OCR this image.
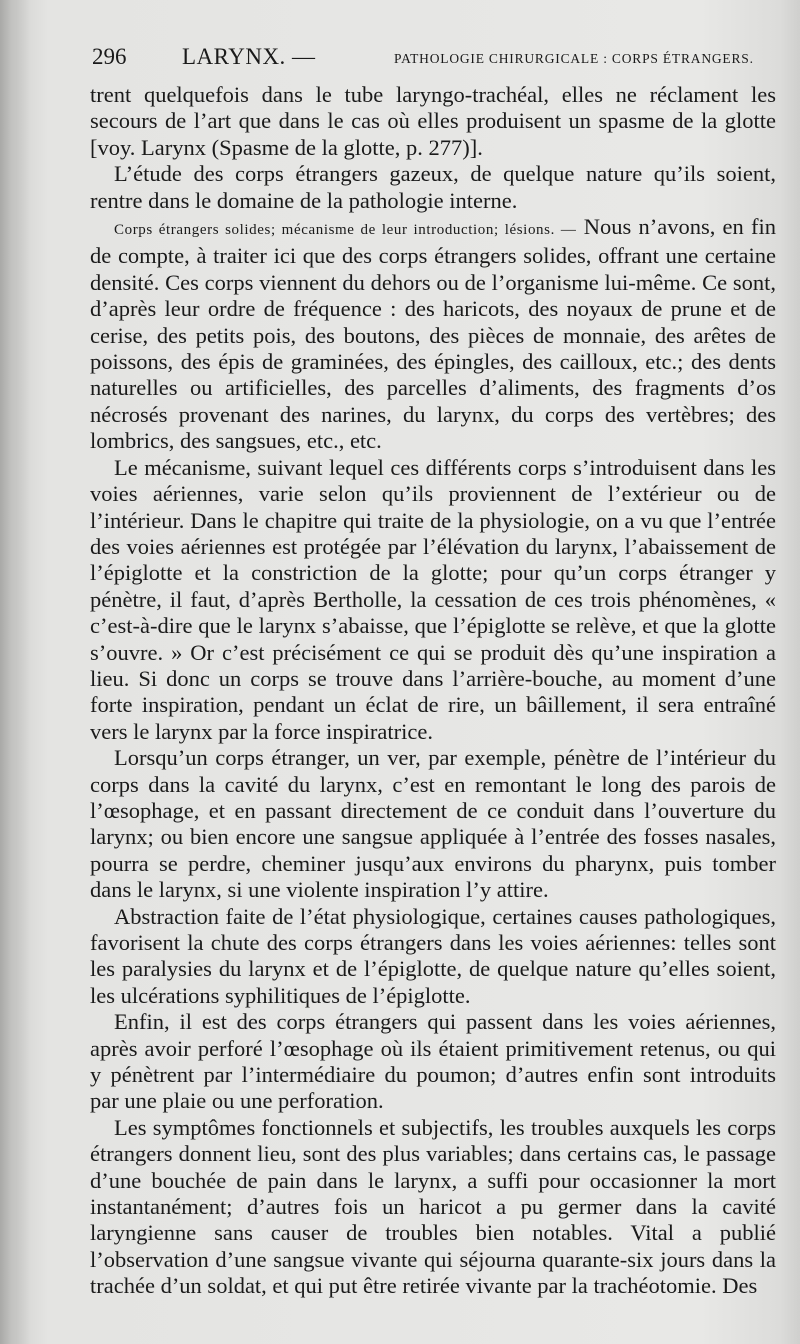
296 LARYNX. —	PATHOLOGIE CHIRURGICALE : CORPS ÉTRANGERS.

trent quelquefois dans le tube laryngo-trachéal, elles ne réclament les secours de l’art que dans le cas où elles produisent un spasme de la glotte [voy. Larynx (Spasme de la glotte, p. 277)].

L’étude des corps étrangers gazeux, de quelque nature qu’ils soient, rentre dans le domaine de la pathologie interne.

Corps étrangers solides; mécanisme de leur introduction; lésions. — Nous n’avons, en fin de compte, à traiter ici que des corps étrangers solides, offrant une certaine densité. Ces corps viennent du dehors ou de l’organisme lui-même. Ce sont, d’après leur ordre de fréquence : des haricots, des noyaux de prune et de cerise, des petits pois, des boutons, des pièces de monnaie, des arêtes de poissons, des épis de graminées, des épingles, des cailloux, etc.; des dents naturelles ou artificielles, des parcelles d’aliments, des fragments d’os nécrosés provenant des narines, du larynx, du corps des vertèbres; des lombrics, des sangsues, etc., etc.

Le mécanisme, suivant lequel ces différents corps s’introduisent dans les voies aériennes, varie selon qu’ils proviennent de l’extérieur ou de l’intérieur. Dans le chapitre qui traite de la physiologie, on a vu que l’entrée des voies aériennes est protégée par l’élévation du larynx, l’abaissement de l’épiglotte et la constriction de la glotte; pour qu’un corps étranger y pénètre, il faut, d’après Bertholle, la cessation de ces trois phénomènes, « c’est-à-dire que le larynx s’abaisse, que l’épiglotte se relève, et que la glotte s’ouvre. » Or c’est précisément ce qui se produit dès qu’une inspiration a lieu. Si donc un corps se trouve dans l’arrière-bouche, au moment d’une forte inspiration, pendant un éclat de rire, un bâillement, il sera entraîné vers le larynx par la force inspiratrice.

Lorsqu’un corps étranger, un ver, par exemple, pénètre de l’intérieur du corps dans la cavité du larynx, c’est en remontant le long des parois de l’œsophage, et en passant directement de ce conduit dans l’ouverture du larynx; ou bien encore une sangsue appliquée à l’entrée des fosses nasales, pourra se perdre, cheminer jusqu’aux environs du pharynx, puis tomber dans le larynx, si une violente inspiration l’y attire.

Abstraction faite de l’état physiologique, certaines causes pathologiques, favorisent la chute des corps étrangers dans les voies aériennes: telles sont les paralysies du larynx et de l’épiglotte, de quelque nature qu’elles soient, les ulcérations syphilitiques de l’épiglotte.

Enfin, il est des corps étrangers qui passent dans les voies aériennes, après avoir perforé l’œsophage où ils étaient primitivement retenus, ou qui y pénètrent par l’intermédiaire du poumon; d’autres enfin sont introduits par une plaie ou une perforation.

Les symptômes fonctionnels et subjectifs, les troubles auxquels les corps étrangers donnent lieu, sont des plus variables; dans certains cas, le passage d’une bouchée de pain dans le larynx, a suffi pour occasionner la mort instantanément; d’autres fois un haricot a pu germer dans la cavité laryngienne sans causer de troubles bien notables. Vital a publié l’observation d’une sangsue vivante qui séjourna quarante-six jours dans la trachée d’un soldat, et qui put être retirée vivante par la trachéotomie. Des
